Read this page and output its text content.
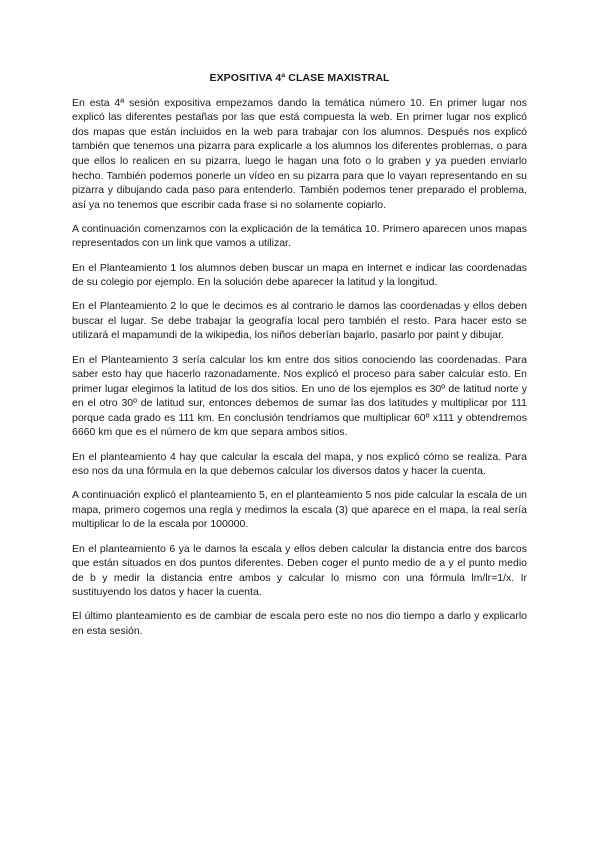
EXPOSITIVA 4ª CLASE MAXISTRAL

En esta 4ª sesión expositiva empezamos dando la temática número 10. En primer lugar nos explicó las diferentes pestañas por las que está compuesta la web. En primer lugar nos explicó dos mapas que están incluidos en la web para trabajar con los alumnos. Después nos explicó también que tenemos una pizarra para explicarle a los alumnos los diferentes problemas, o para que ellos lo realicen en su pizarra, luego le hagan una foto o lo graben y ya pueden enviarlo hecho. También podemos ponerle un vídeo en su pizarra para que lo vayan representando en su pizarra y dibujando cada paso para entenderlo. También podemos tener preparado el problema, así ya no tenemos que escribir cada frase si no solamente copiarlo.

A continuación comenzamos con la explicación de la temática 10. Primero aparecen unos mapas representados con un link que vamos a utilizar.

En el Planteamiento 1 los alumnos deben buscar un mapa en Internet e indicar las coordenadas de su colegio por ejemplo. En la solución debe aparecer la latitud y la longitud.

En el Planteamiento 2 lo que le decimos es al contrario le damos las coordenadas y ellos deben buscar el lugar. Se debe trabajar la geografía local pero también el resto. Para hacer esto se utilizará el mapamundi de la wikipedia, los niños deberían bajarlo, pasarlo por paint y dibujar.

En el Planteamiento 3 sería calcular los km entre dos sitios conociendo las coordenadas. Para saber esto hay que hacerlo razonadamente. Nos explicó el proceso para saber calcular esto. En primer lugar elegimos la latitud de los dos sitios. En uno de los ejemplos es 30º de latitud norte y en el otro 30º de latitud sur, entonces debemos de sumar las dos latitudes y multiplicar por 111 porque cada grado es 111 km. En conclusión tendríamos que multiplicar 60º x111 y obtendremos 6660 km que es el número de km que separa ambos sitios.

En el planteamiento 4 hay que calcular la escala del mapa, y nos explicó cómo se realiza. Para eso nos da una fórmula en la que debemos calcular los diversos datos y hacer la cuenta.

A continuación explicó el planteamiento 5, en el planteamiento 5 nos pide calcular la escala de un mapa, primero cogemos una regla y medimos la escala (3) que aparece en el mapa, la real sería multiplicar lo de la escala por 100000.

En el planteamiento 6 ya le damos la escala y ellos deben calcular la distancia entre dos barcos que están situados en dos puntos diferentes. Deben coger el punto medio de a y el punto medio de b y medir la distancia entre ambos y calcular lo mismo con una fórmula lm/lr=1/x. Ir sustituyendo los datos y hacer la cuenta.

El último planteamiento es de cambiar de escala pero este no nos dio tiempo a darlo y explicarlo en esta sesión.
